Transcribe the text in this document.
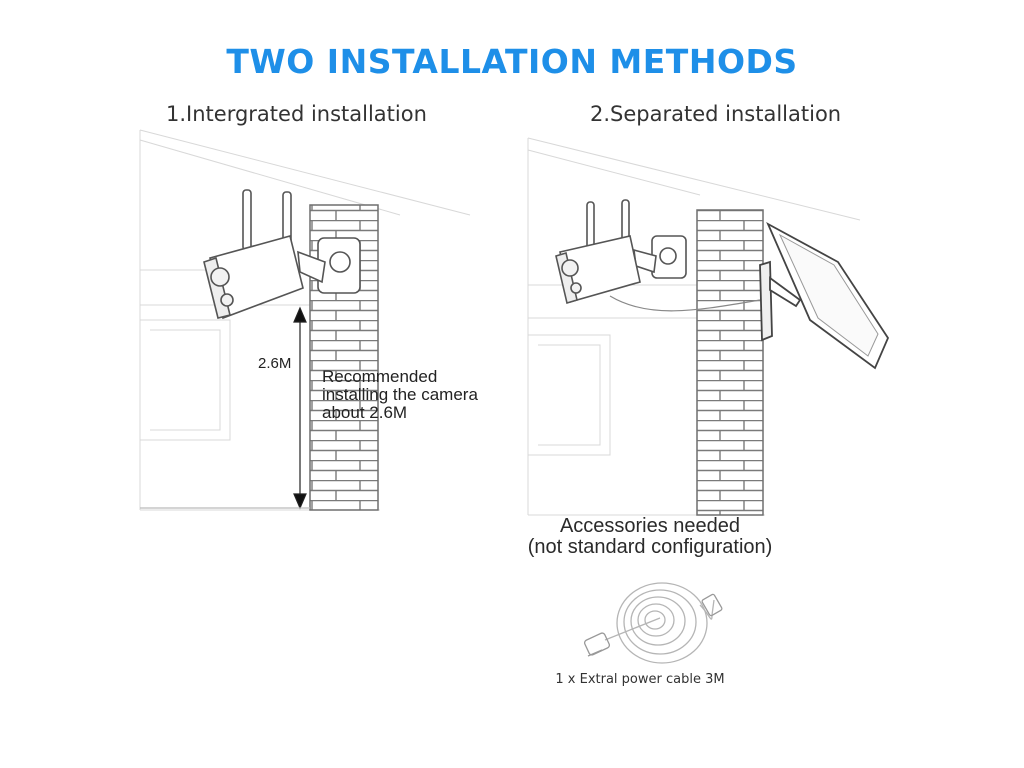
TWO INSTALLATION METHODS
1.Intergrated installation	2.Separated installation
2.6M
Recommended
installing the camera
about 2.6M
Accessories needed
(not standard configuration)
1 x Extral power cable 3M
